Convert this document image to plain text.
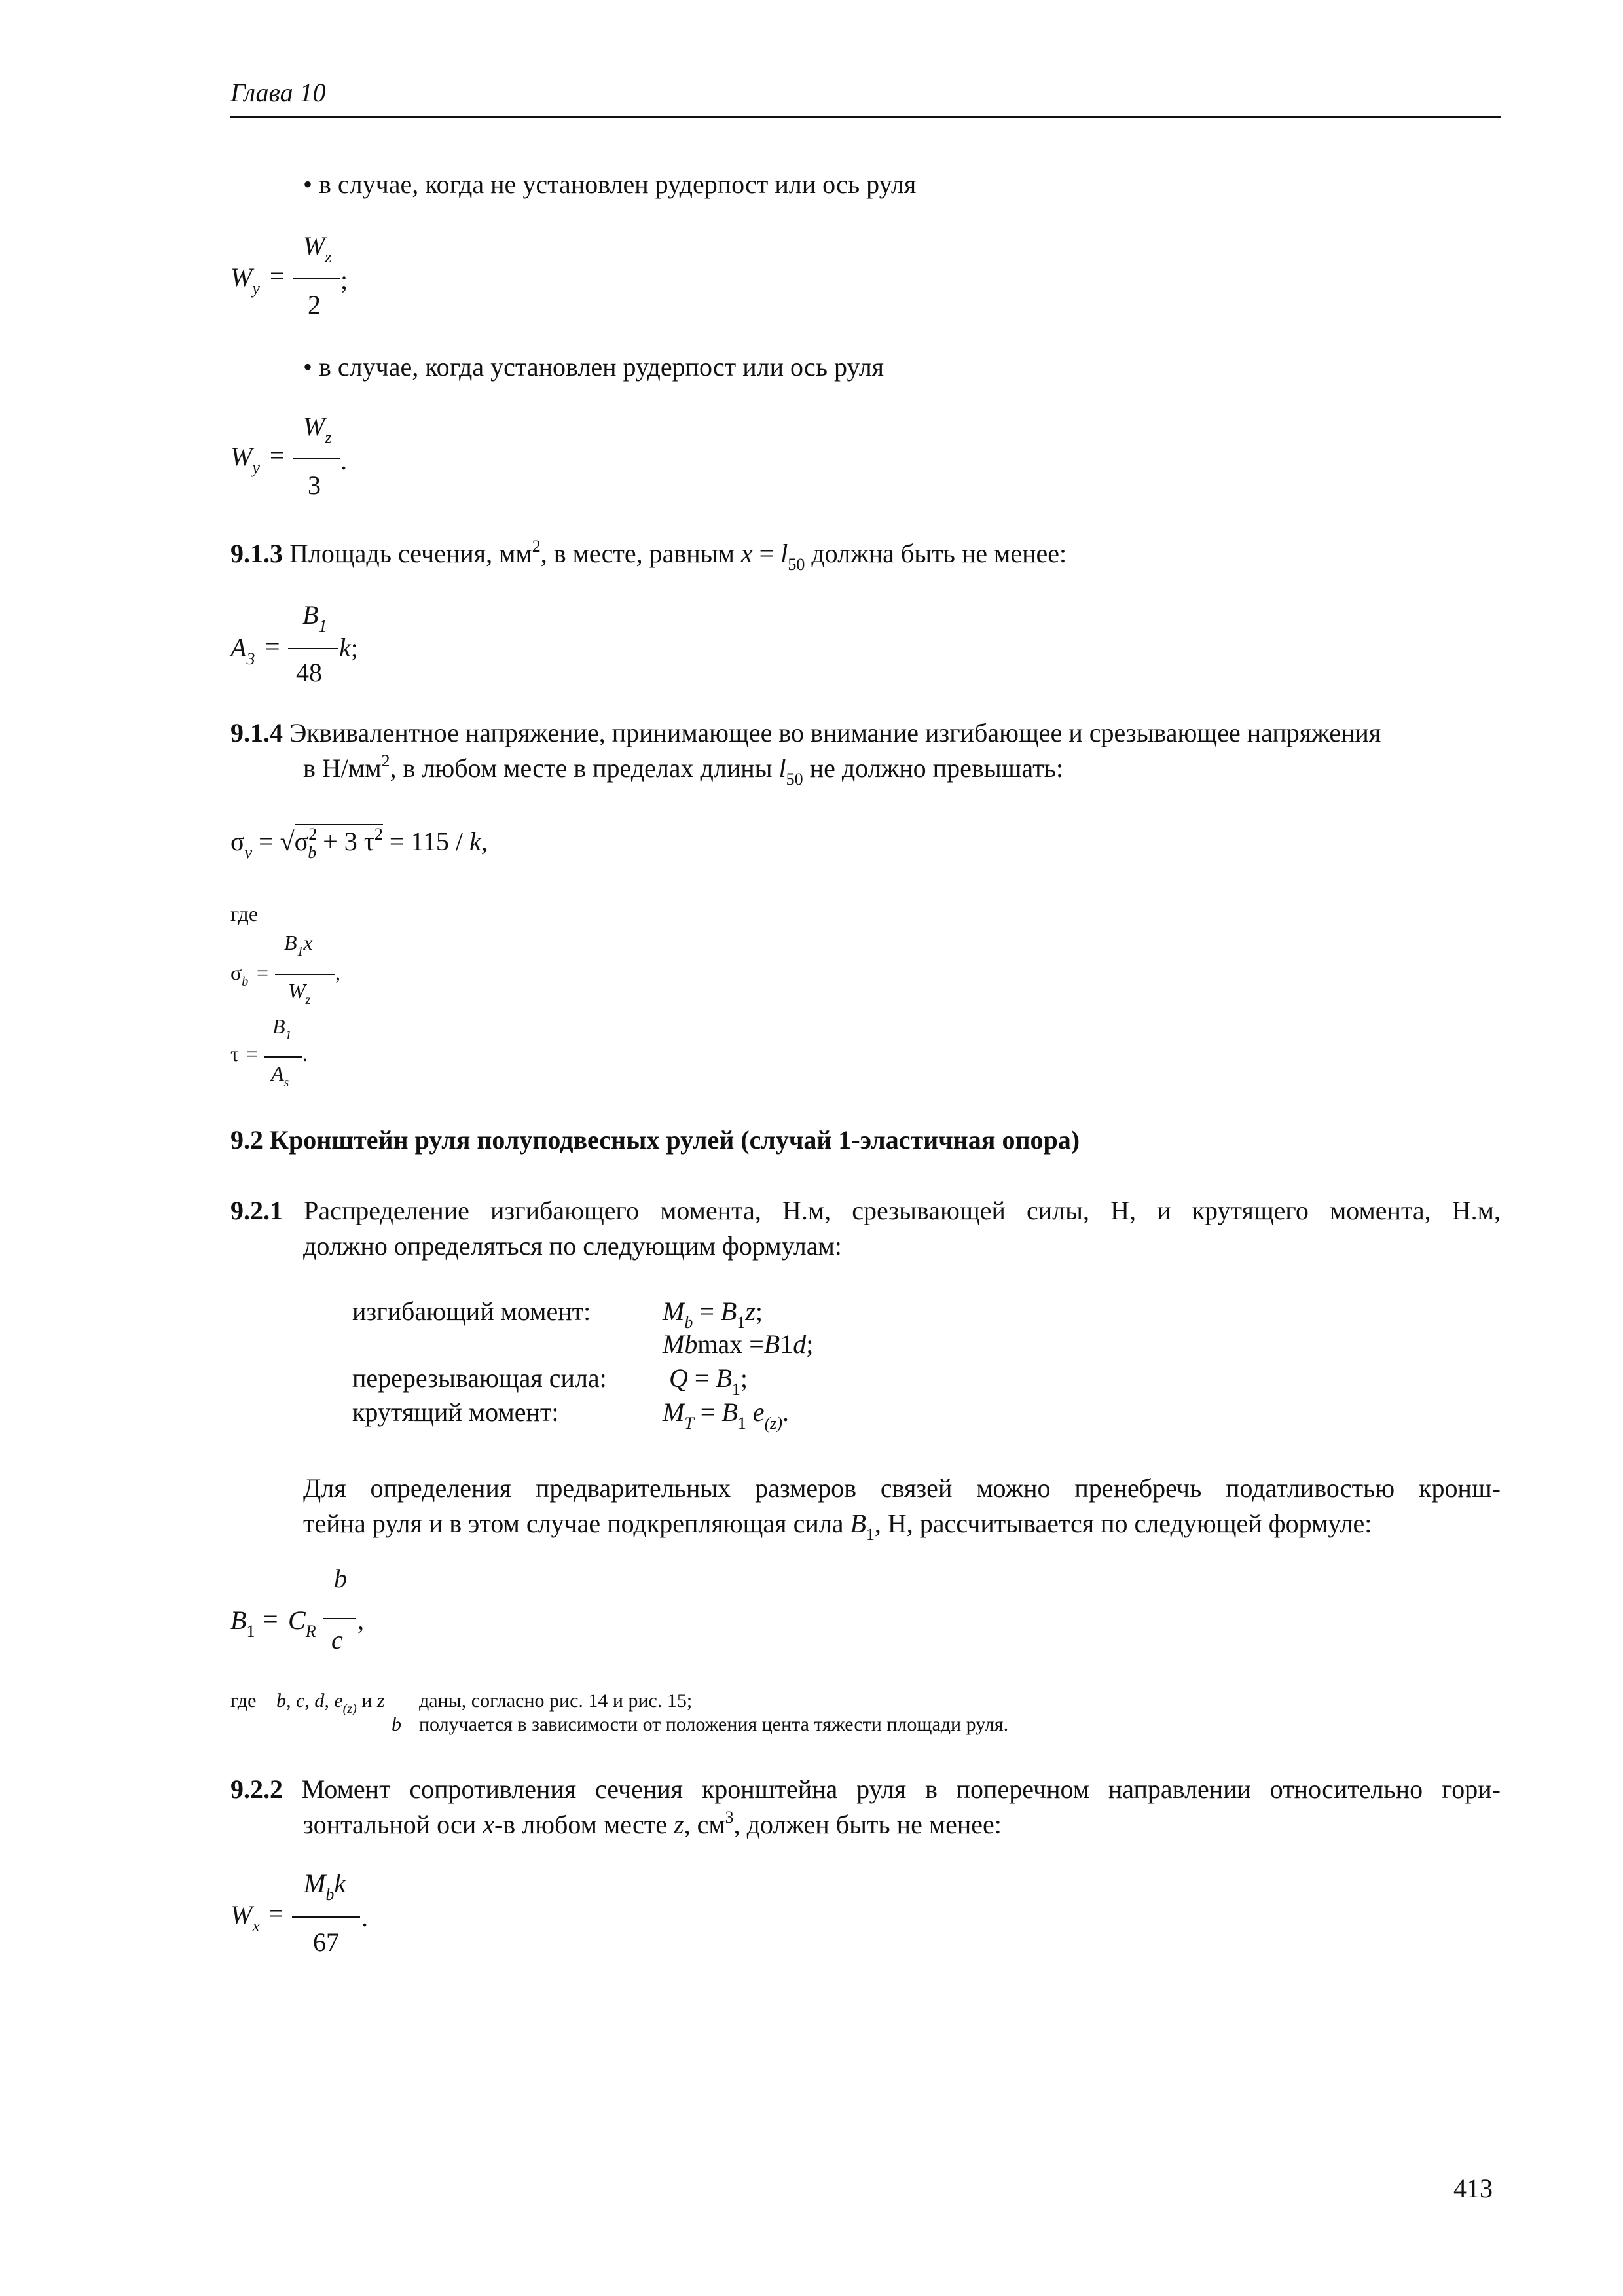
Глава 10
• в случае, когда не установлен рудерпост или ось руля
$W_y$ =
$W_z$
2
;
• в случае, когда установлен рудерпост или ось руля
$W_y$ =
$W_z$
3
.
9.1.3 Площадь сечения, $мм^2$, в месте, равным $x = l_{50}$ должна быть не менее:
$A_3$ =
$B_1$
48
k;
9.1.4 Эквивалентное напряжение, принимающее во внимание изгибающее и срезывающее напряжения
в $Н/мм^2$, в любом месте в пределах длины $l_{50}$ не должно превышать:
$\sigma_v = √\sigma^2_b + 3$ $\tau^2 = 115 / k$,
где
$\sigma_b$ =
$B_1x$
$W_z$
,
τ =
$B_1$
$A_s$
.
9.2 Кронштейн руля полуподвесных рулей (случай 1-эластичная опора)
9.2.1 Распределение изгибающего момента, Н.м, срезывающей силы, Н, и крутящего момента, Н.м,
должно определяться по следующим формулам:
изгибающий момент:	$M_b = B_1z$;
Mbmax =B1d;
перерезывающая сила: $Q = B_1$;
крутящий момент:	$M_T = B_1$ $e_{(z)}$.
Для определения предварительных размеров связей можно пренебречь податливостью кронш-
тейна руля и в этом случае подкрепляющая сила $B_1$, Н, рассчитывается по следующей формуле:
$B_1 = C_R$
b
c
,
где b, c, d, $e_{(z)}$ и z даны, согласно рис. 14 и рис. 15;
b получается в зависимости от положения цента тяжести площади руля.
9.2.2 Момент сопротивления сечения кронштейна руля в поперечном направлении относительно гори-
зонтальной оси x-в любом месте z, $см^3$, должен быть не менее:
$W_x$ =
$M_bk$
67
.
413
